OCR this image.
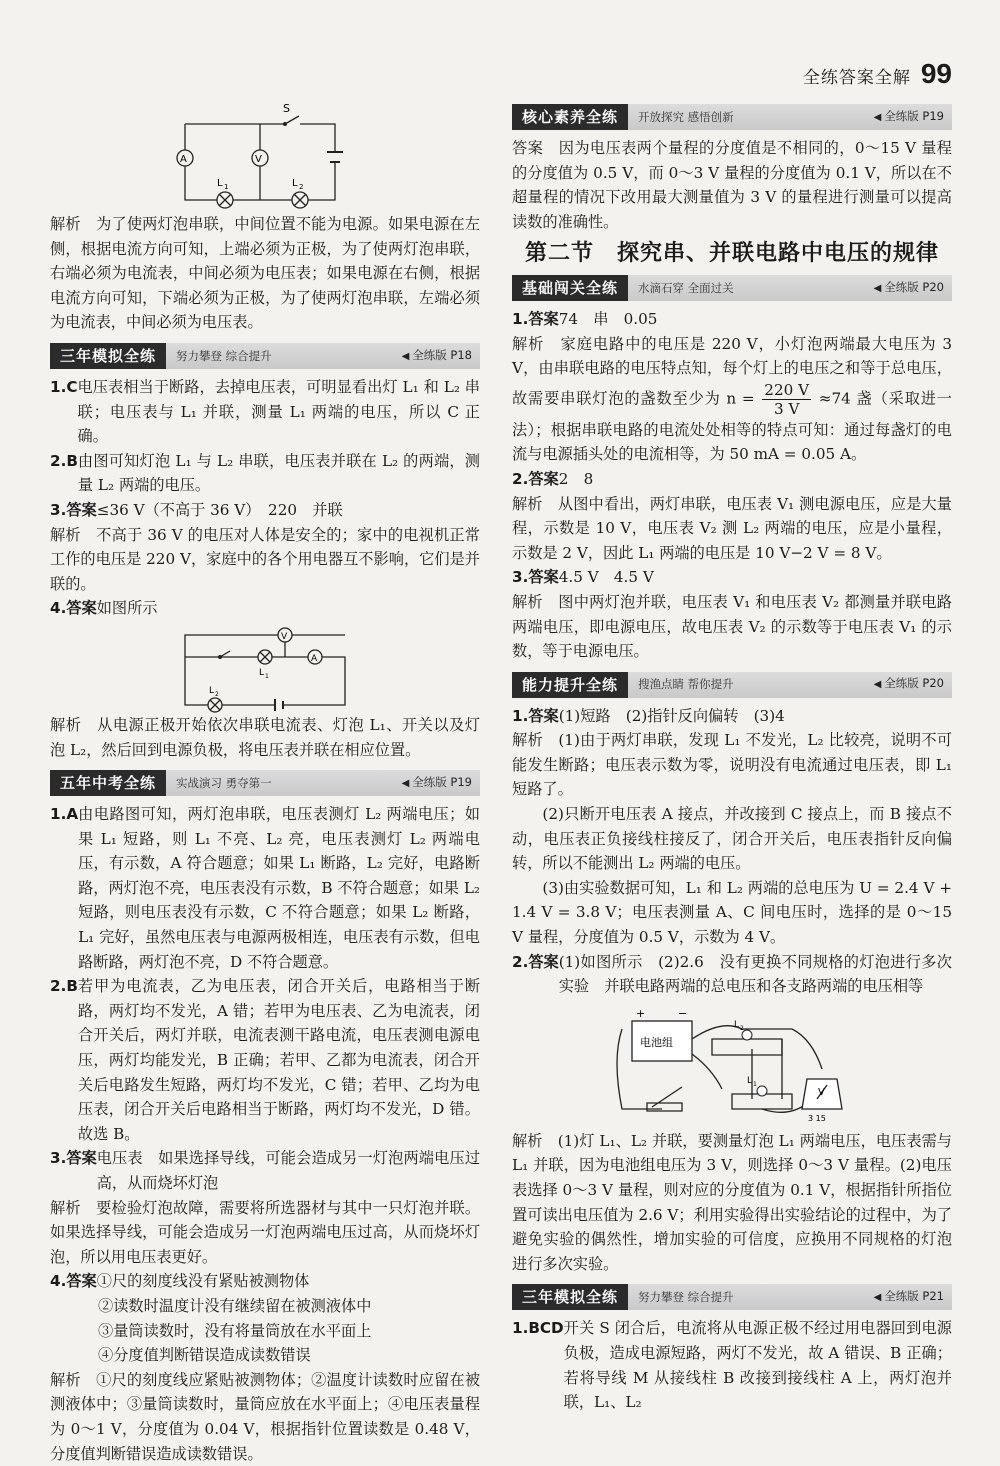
全练答案全解 99
S
A	V
L 1	L 2

解析　为了使两灯泡串联，中间位置不能为电源。如果电源在左侧，根据电流方向可知，上端必须为正极，为了使两灯泡串联，右端必须为电流表，中间必须为电压表；如果电源在右侧，根据电流方向可知，下端必须为正极，为了使两灯泡串联，左端必须为电流表，中间必须为电压表。

三年模拟全练	努力攀登 综合提升	◀ 全练版 P18
1.C 电压表相当于断路，去掉电压表，可明显看出灯 L₁ 和 L₂ 串联；电压表与 L₁ 并联，测量 L₁ 两端的电压，所以 C 正确。
2.B 由图可知灯泡 L₁ 与 L₂ 串联，电压表并联在 L₂ 的两端，测量 L₂ 两端的电压。
3.答案 ≤36 V（不高于 36 V）　220　并联

解析　不高于 36 V 的电压对人体是安全的；家中的电视机正常工作的电压是 220 V，家庭中的各个用电器互不影响，它们是并联的。

4.答案 如图所示
V
A
L 1
L 2

解析　从电源正极开始依次串联电流表、灯泡 L₁、开关以及灯泡 L₂，然后回到电源负极，将电压表并联在相应位置。

五年中考全练	实战演习 勇夺第一	◀ 全练版 P19
1.A 由电路图可知，两灯泡串联，电压表测灯 L₂ 两端电压；如果 L₁ 短路，则 L₁ 不亮、L₂ 亮，电压表测灯 L₂ 两端电压，有示数，A 符合题意；如果 L₁ 断路，L₂ 完好，电路断路，两灯泡不亮，电压表没有示数，B 不符合题意；如果 L₂ 短路，则电压表没有示数，C 不符合题意；如果 L₂ 断路，L₁ 完好，虽然电压表与电源两极相连，电压表有示数，但电路断路，两灯泡不亮，D 不符合题意。
2.B 若甲为电流表，乙为电压表，闭合开关后，电路相当于断路，两灯均不发光，A 错；若甲为电压表、乙为电流表，闭合开关后，两灯并联，电流表测干路电流，电压表测电源电压，两灯均能发光，B 正确；若甲、乙都为电流表，闭合开关后电路发生短路，两灯均不发光，C 错；若甲、乙均为电压表，闭合开关后电路相当于断路，两灯均不发光，D 错。故选 B。
3.答案 电压表　如果选择导线，可能会造成另一灯泡两端电压过高，从而烧坏灯泡

解析　要检验灯泡故障，需要将所选器材与其中一只灯泡并联。如果选择导线，可能会造成另一灯泡两端电压过高，从而烧坏灯泡，所以用电压表更好。

4.答案 ①尺的刻度线没有紧贴被测物体

②读数时温度计没有继续留在被测液体中

③量筒读数时，没有将量筒放在水平面上

④分度值判断错误造成读数错误

解析　①尺的刻度线应紧贴被测物体；②温度计读数时应留在被测液体中；③量筒读数时，量筒应放在水平面上；④电压表量程为 0～1 V，分度值为 0.04 V，根据指针位置读数是 0.48 V，分度值判断错误造成读数错误。

核心素养全练	开放探究 感悟创新	◀ 全练版 P19

答案　因为电压表两个量程的分度值是不相同的，0～15 V 量程的分度值为 0.5 V，而 0～3 V 量程的分度值为 0.1 V，所以在不超量程的情况下改用最大测量值为 3 V 的量程进行测量可以提高读数的准确性。

第二节　探究串、并联电路中电压的规律
基础闯关全练	水滴石穿 全面过关	◀ 全练版 P20
1.答案 74　串　0.05

解析　家庭电路中的电压是 220 V，小灯泡两端最大电压为 3 V，由串联电路的电压特点知，每个灯上的电压之和等于总电压，故需要串联灯泡的盏数至少为 $n = \frac{220 V}{3 V} \approx 74$ 盏（采取进一法）；根据串联电路的电流处处相等的特点可知：通过每盏灯的电流与电源插头处的电流相等，为 50 mA = 0.05 A。

2.答案 2　8

解析　从图中看出，两灯串联，电压表 V₁ 测电源电压，应是大量程，示数是 10 V，电压表 V₂ 测 L₂ 两端的电压，应是小量程，示数是 2 V，因此 L₁ 两端的电压是 10 V−2 V = 8 V。

3.答案 4.5 V　4.5 V

解析　图中两灯泡并联，电压表 V₁ 和电压表 V₂ 都测量并联电路两端电压，即电源电压，故电压表 V₂ 的示数等于电压表 V₁ 的示数，等于电源电压。

能力提升全练	搜渔点睛 帮你提升	◀ 全练版 P20
1.答案 (1)短路　(2)指针反向偏转　(3)4

解析　(1)由于两灯串联，发现 L₁ 不发光，L₂ 比较亮，说明不可能发生断路；电压表示数为零，说明没有电流通过电压表，即 L₁ 短路了。

(2)只断开电压表 A 接点，并改接到 C 接点上，而 B 接点不动，电压表正负接线柱接反了，闭合开关后，电压表指针反向偏转，所以不能测出 L₂ 两端的电压。

(3)由实验数据可知，L₁ 和 L₂ 两端的总电压为 U = 2.4 V + 1.4 V = 3.8 V；电压表测量 A、C 间电压时，选择的是 0～15 V 量程，分度值为 0.5 V，示数为 4 V。

2.答案 (1)如图所示　(2)2.6　没有更换不同规格的灯泡进行多次实验　并联电路两端的总电压和各支路两端的电压相等
电池组
+	−
L 2
L 1
V
3 15

解析　(1)灯 L₁、L₂ 并联，要测量灯泡 L₁ 两端电压，电压表需与 L₁ 并联，因为电池组电压为 3 V，则选择 0～3 V 量程。(2)电压表选择 0～3 V 量程，则对应的分度值为 0.1 V，根据指针所指位置可读出电压值为 2.6 V；利用实验得出实验结论的过程中，为了避免实验的偶然性，增加实验的可信度，应换用不同规格的灯泡进行多次实验。

三年模拟全练	努力攀登 综合提升	◀ 全练版 P21
1.BCD 开关 S 闭合后，电流将从电源正极不经过用电器回到电源负极，造成电源短路，两灯不发光，故 A 错误、B 正确；若将导线 M 从接线柱 B 改接到接线柱 A 上，两灯泡并联，L₁、L₂
